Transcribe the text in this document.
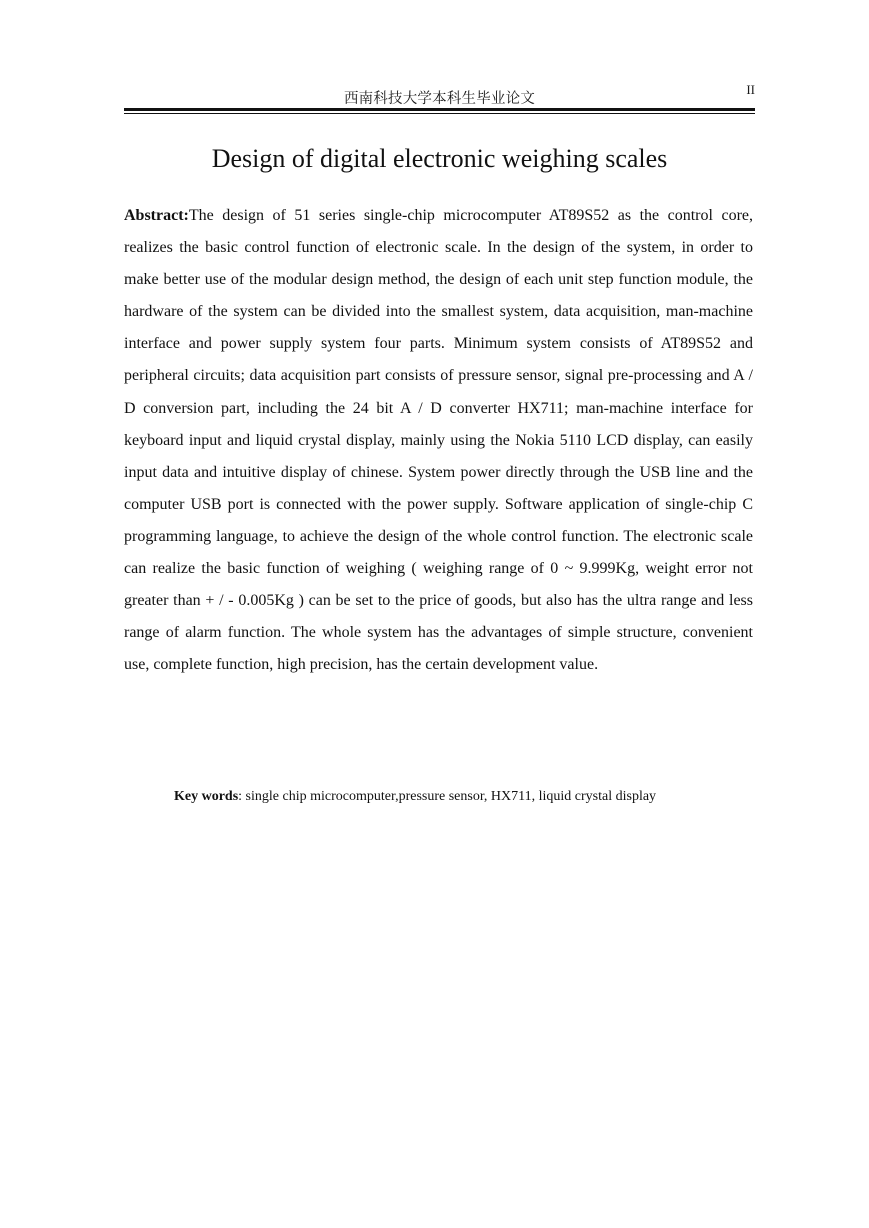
西南科技大学本科生毕业论文
II
Design of digital electronic weighing scales

Abstract:The design of 51 series single-chip microcomputer AT89S52 as the control core, realizes the basic control function of electronic scale. In the design of the system, in order to make better use of the modular design method, the design of each unit step function module, the hardware of the system can be divided into the smallest system, data acquisition, man-machine interface and power supply system four parts. Minimum system consists of AT89S52 and peripheral circuits; data acquisition part consists of pressure sensor, signal pre-processing and A / D conversion part, including the 24 bit A / D converter HX711; man-machine interface for keyboard input and liquid crystal display, mainly using the Nokia 5110 LCD display, can easily input data and intuitive display of chinese. System power directly through the USB line and the computer USB port is connected with the power supply. Software application of single-chip C programming language, to achieve the design of the whole control function. The electronic scale can realize the basic function of weighing ( weighing range of 0 ~ 9.999Kg, weight error not greater than + / - 0.005Kg ) can be set to the price of goods, but also has the ultra range and less range of alarm function. The whole system has the advantages of simple structure, convenient use, complete function, high precision, has the certain development value.

Key words: single chip microcomputer,pressure sensor, HX711, liquid crystal display
